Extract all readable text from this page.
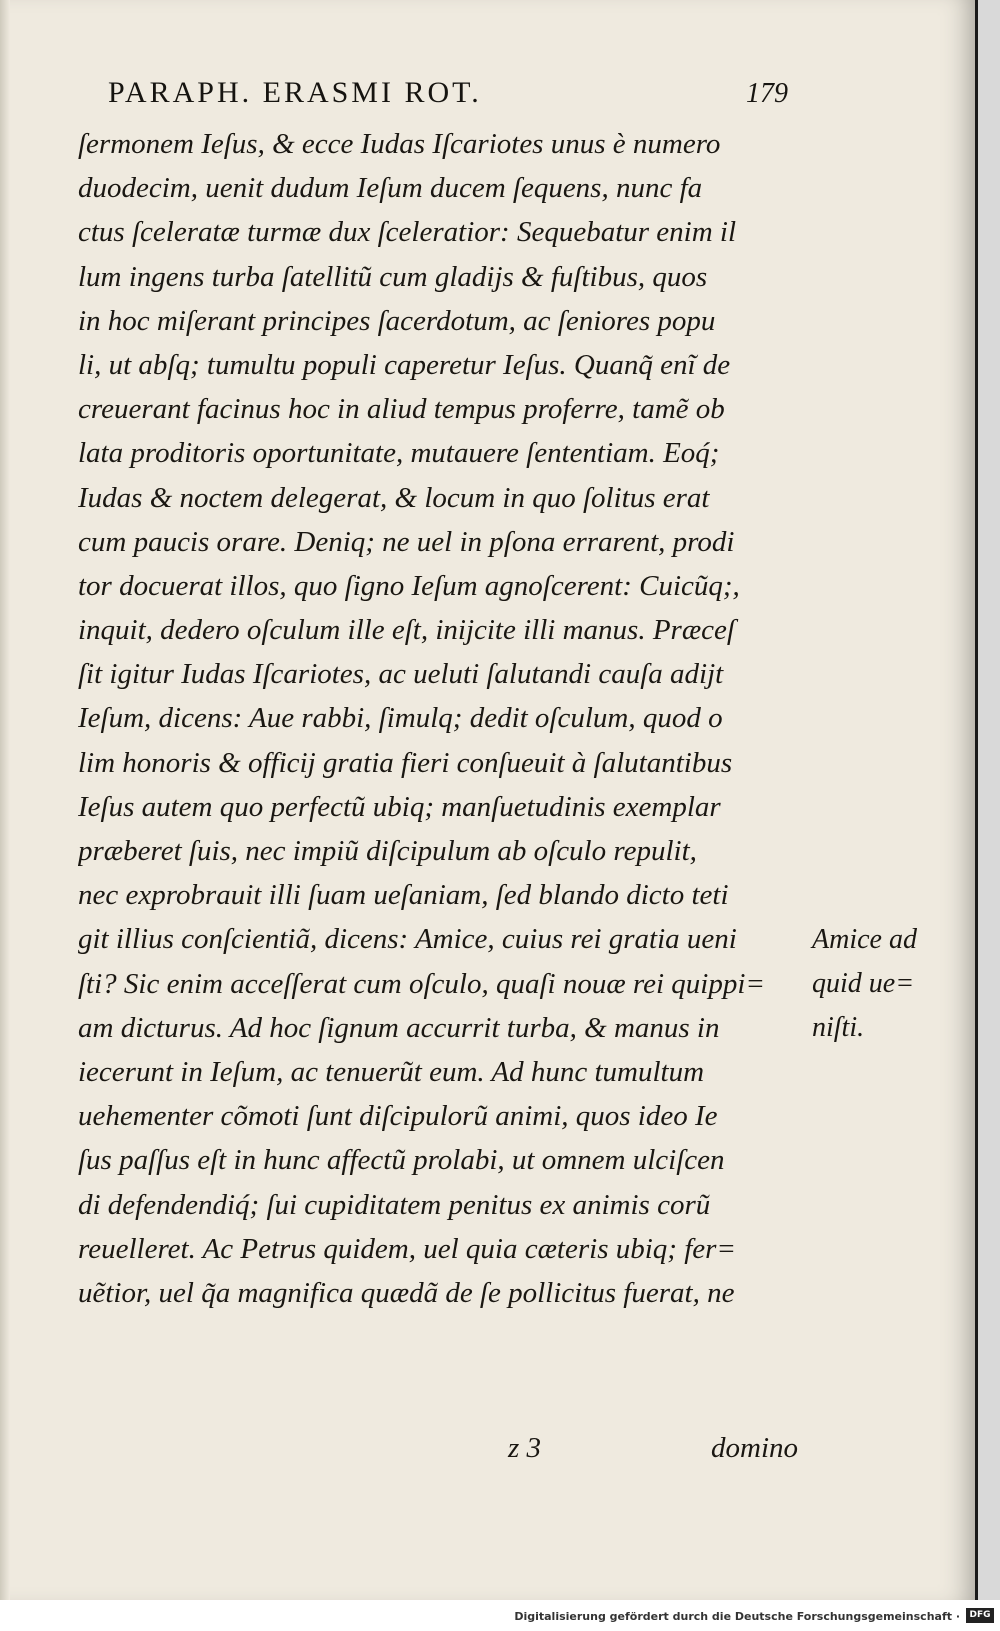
PARAPH. ERASMI ROT.	179
ſermonem Ieſus, & ecce Iudas Iſcariotes unus è numero
duodecim, uenit dudum Ieſum ducem ſequens, nunc fa
ctus ſceleratæ turmæ dux ſceleratior: Sequebatur enim il
lum ingens turba ſatellitũ cum gladijs & fuſtibus, quos
in hoc miſerant principes ſacerdotum, ac ſeniores popu
li, ut abſq; tumultu populi caperetur Ieſus. Quanq̃ enĩ de
creuerant facinus hoc in aliud tempus proferre, tamẽ ob
lata proditoris oportunitate, mutauere ſententiam. Eoq́;
Iudas & noctem delegerat, & locum in quo ſolitus erat
cum paucis orare. Deniq; ne uel in pſona errarent, prodi
tor docuerat illos, quo ſigno Ieſum agnoſcerent: Cuicũq;,
inquit, dedero oſculum ille eſt, inijcite illi manus. Præceſ
ſit igitur Iudas Iſcariotes, ac ueluti ſalutandi cauſa adijt
Ieſum, dicens: Aue rabbi, ſimulq; dedit oſculum, quod o
lim honoris & officij gratia fieri conſueuit à ſalutantibus
Ieſus autem quo perfectũ ubiq; manſuetudinis exemplar
præberet ſuis, nec impiũ diſcipulum ab oſculo repulit,
nec exprobrauit illi ſuam ueſaniam, ſed blando dicto teti
git illius conſcientiã, dicens: Amice, cuius rei gratia ueni
ſti? Sic enim acceſſerat cum oſculo, quaſi nouæ rei quippi=
am dicturus. Ad hoc ſignum accurrit turba, & manus in
iecerunt in Ieſum, ac tenuerũt eum. Ad hunc tumultum
uehementer cõmoti ſunt diſcipulorũ animi, quos ideo Ie
ſus paſſus eſt in hunc affectũ prolabi, ut omnem ulciſcen
di defendendiq́; ſui cupiditatem penitus ex animis corũ
reuelleret. Ac Petrus quidem, uel quia cæteris ubiq; fer=
uẽtior, uel q̃a magnifica quædã de ſe pollicitus fuerat, ne
z 3	domino
Amice ad
quid ue=
niſti.
Digitalisierung gefördert durch die Deutsche Forschungsgemeinschaft ·	DFG
